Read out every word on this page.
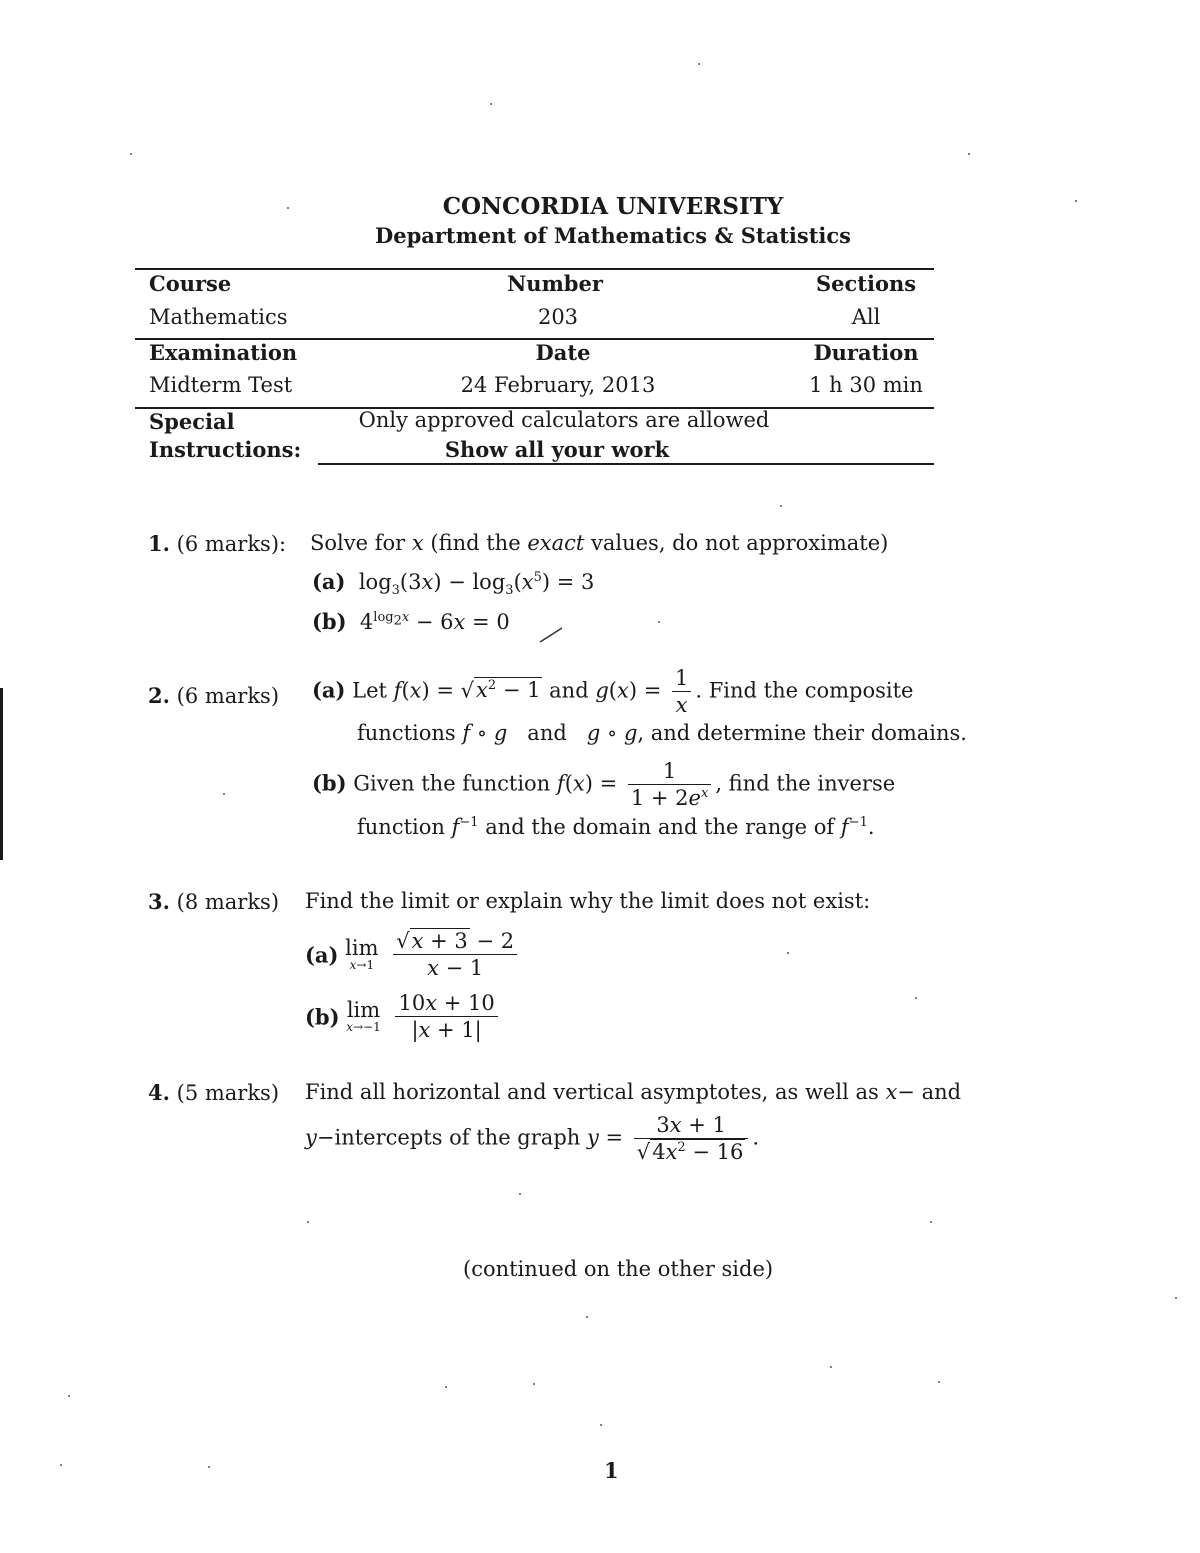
CONCORDIA UNIVERSITY
Department of Mathematics & Statistics
Course	Number	Sections
Mathematics	203	All
Examination	Date	Duration
Midterm Test	24 February, 2013	1 h 30 min
Special
Instructions:
Only approved calculators are allowed
Show all your work
1. (6 marks): Solve for x (find the exact values, do not approximate)
(a)  $\log_3(3x) - \log_3(x^5) = 3$
(b)  $4^{log_2x} - 6x = 0$
2. (6 marks) (a) Let $f(x) = √x^2 - 1$ and $g(x) = \frac{1}{x}$ . Find the composite
functions f ∘ g and g ∘ g, and determine their domains.
(b) Given the function $f(x) = \frac{1}{1 + 2e^x}$ , find the inverse
function $f^{-1}$ and the domain and the range of $f^{-1}$.
3. (8 marks) Find the limit or explain why the limit does not exist:
(a) lim
x→1
$\frac{√x + 3 - 2}{x - 1}$
(b) lim
x→−1
$\frac{10x + 10}{|x + 1|}$
4. (5 marks) Find all horizontal and vertical asymptotes, as well as x− and
y−intercepts of the graph $y = \frac{3x + 1}{√4x^2 - 16}$ .
(continued on the other side)
1
